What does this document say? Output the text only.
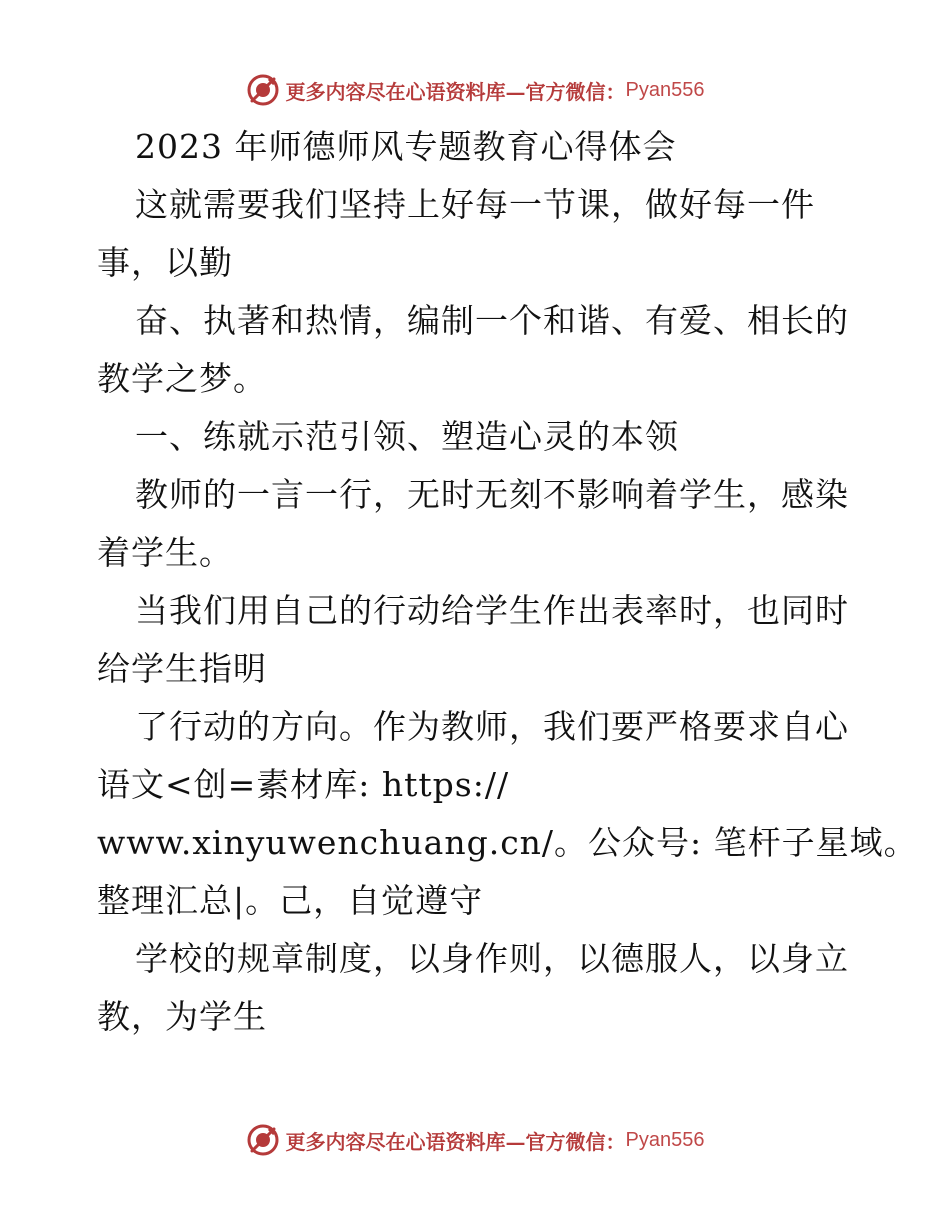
更多内容尽在心语资料库—官方微信： Pyan556
2023 年师德师风专题教育心得体会
这就需要我们坚持上好每一节课，做好每一件
事，以勤
奋、执著和热情，编制一个和谐、有爱、相长的
教学之梦。
一、练就示范引领、塑造心灵的本领
教师的一言一行，无时无刻不影响着学生，感染
着学生。
当我们用自己的行动给学生作出表率时，也同时
给学生指明
了行动的方向。作为教师，我们要严格要求自心
语文<创=素材库: https://
www.xinyuwenchuang.cn/。公众号: 笔杆子星域。
整理汇总|。己，自觉遵守
学校的规章制度，以身作则，以德服人，以身立
教，为学生
更多内容尽在心语资料库—官方微信： Pyan556
